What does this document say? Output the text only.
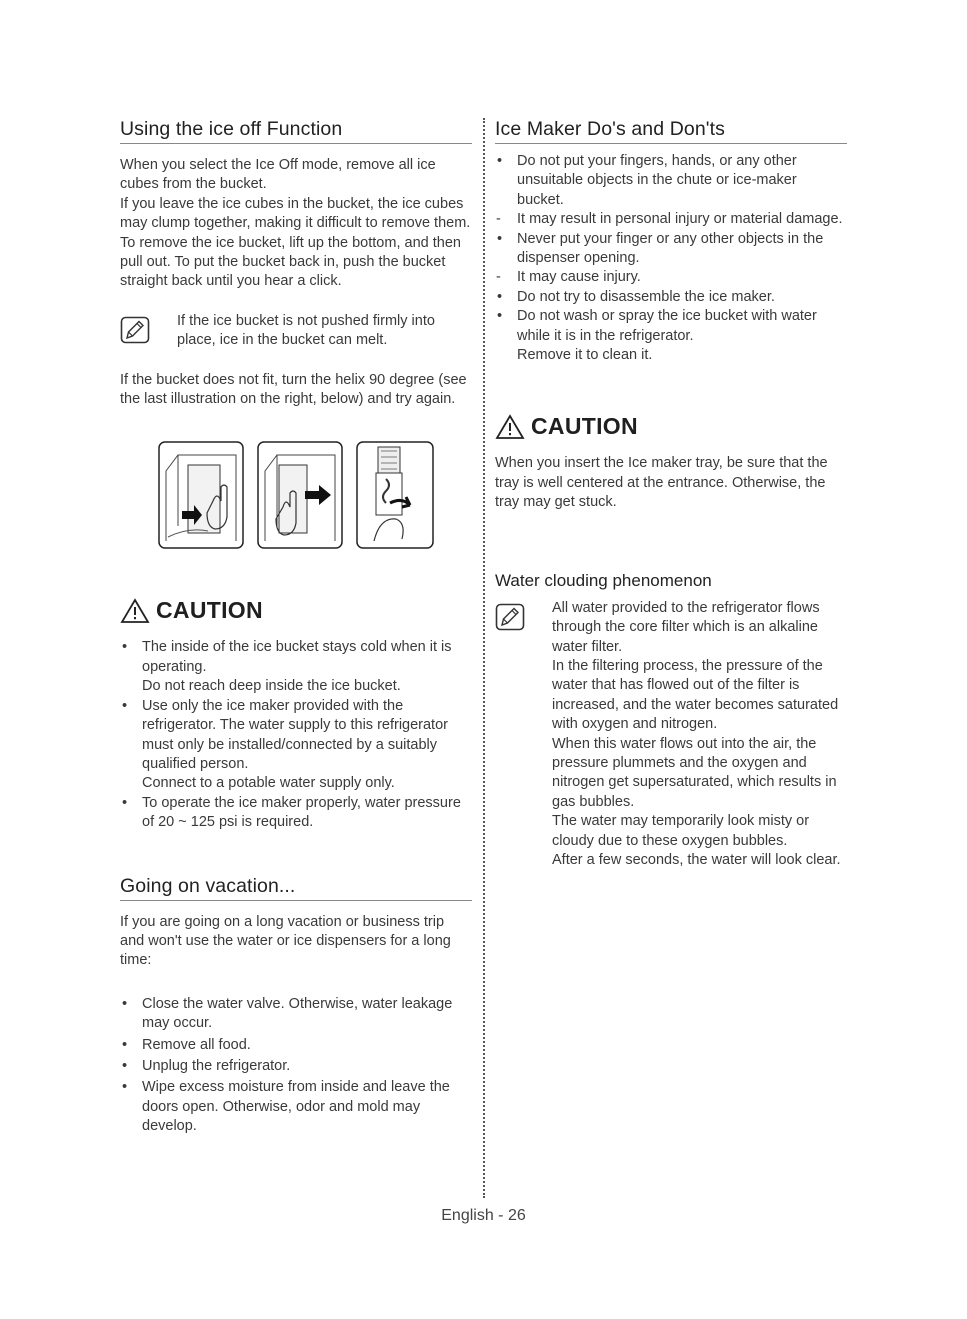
Using the ice off Function

When you select the Ice Off mode, remove all ice cubes from the bucket.

If you leave the ice cubes in the bucket, the ice cubes may clump together, making it difficult to remove them.

To remove the ice bucket, lift up the bottom, and then pull out. To put the bucket back in, push the bucket straight back until you hear a click.

If the ice bucket is not pushed firmly into place, ice in the bucket can melt.

If the bucket does not fit, turn the helix 90 degree (see the last illustration on the right, below) and try again.

CAUTION
• The inside of the ice bucket stays cold when it is operating.
Do not reach deep inside the ice bucket.
• Use only the ice maker provided with the refrigerator. The water supply to this refrigerator must only be installed/connected by a suitably qualified person.
Connect to a potable water supply only.
• To operate the ice maker properly, water pressure of 20 ~ 125 psi is required.
Going on vacation...

If you are going on a long vacation or business trip and won't use the water or ice dispensers for a long time:

• Close the water valve. Otherwise, water leakage may occur.
• Remove all food.
• Unplug the refrigerator.
• Wipe excess moisture from inside and leave the doors open. Otherwise, odor and mold may develop.
Ice Maker Do's and Don'ts
• Do not put your fingers, hands, or any other unsuitable objects in the chute or ice-maker bucket.
- It may result in personal injury or material damage.
• Never put your finger or any other objects in the dispenser opening.
- It may cause injury.
• Do not try to disassemble the ice maker.
• Do not wash or spray the ice bucket with water while it is in the refrigerator.
Remove it to clean it.
CAUTION

When you insert the Ice maker tray, be sure that the tray is well centered at the entrance. Otherwise, the tray may get stuck.

Water clouding phenomenon

All water provided to the refrigerator flows through the core filter which is an alkaline water filter.

In the filtering process, the pressure of the water that has flowed out of the filter is increased, and the water becomes saturated with oxygen and nitrogen.

When this water flows out into the air, the pressure plummets and the oxygen and nitrogen get supersaturated, which results in gas bubbles.

The water may temporarily look misty or cloudy due to these oxygen bubbles.

After a few seconds, the water will look clear.

English - 26
